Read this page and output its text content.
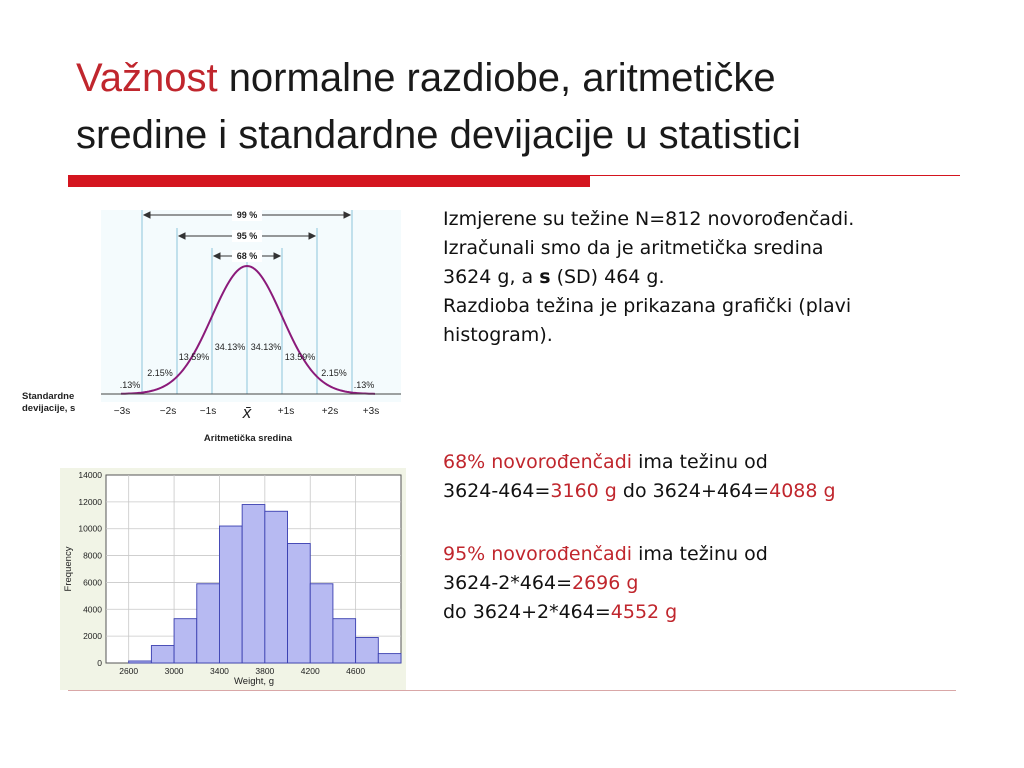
Važnost normalne razdiobe, aritmetičke
sredine i standardne devijacije u statistici
99 %
95 %
68 %
.13%
2.15%
13.59%
34.13% 34.13%
13.59%
2.15%
.13%
−3s	−2s −1s x̄	+1s	+2s +3s
Standardne
devijacije, s
Aritmetička sredina
0
2000
4000
6000
8000
10000
12000
14000
2600	3000	3400	3800	4200	4600
Weight, g
Frequency

Izmjerene su težine N=812 novorođenčadi.

Izračunali smo da je aritmetička sredina

3624 g, a s (SD) 464 g.

Razdioba težina je prikazana grafički (plavi

histogram).

68% novorođenčadi ima težinu od

3624-464=3160 g do 3624+464=4088 g

95% novorođenčadi ima težinu od

3624-2*464=2696 g

do 3624+2*464=4552 g
